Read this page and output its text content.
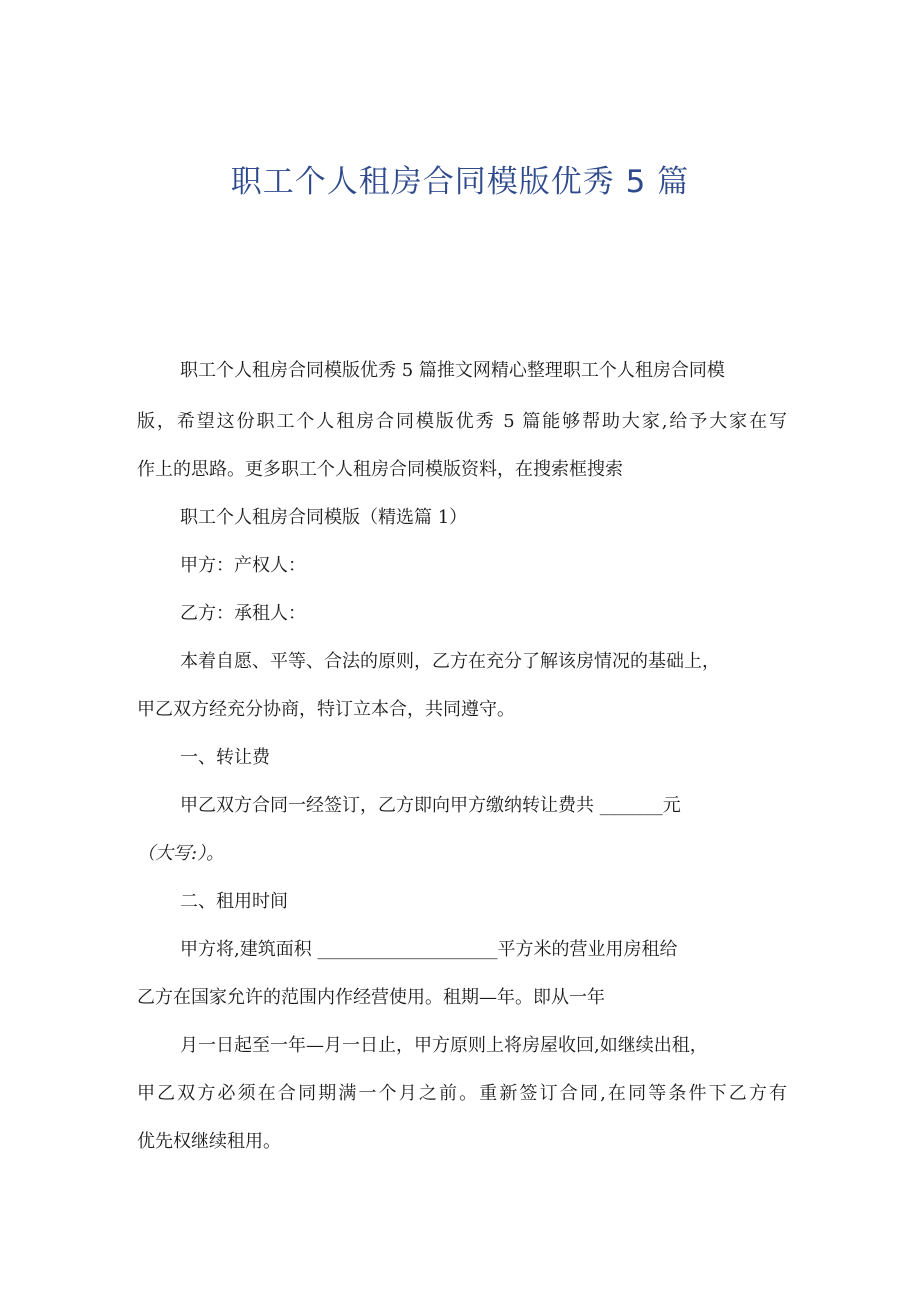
职工个人租房合同模版优秀 5 篇
职工个人租房合同模版优秀 5 篇推文网精心整理职工个人租房合同模
版，希望这份职工个人租房合同模版优秀 5 篇能够帮助大家,给予大家在写
作上的思路。更多职工个人租房合同模版资料，在搜索框搜索
职工个人租房合同模版（精选篇 1）
甲方：产权人：
乙方：承租人：
本着自愿、平等、合法的原则，乙方在充分了解该房情况的基础上，
甲乙双方经充分协商，特订立本合，共同遵守。
一、转让费
甲乙双方合同一经签订，乙方即向甲方缴纳转让费共 _______元
（大写:）。
二、租用时间
甲方将,建筑面积 ____________________平方米的营业用房租给
乙方在国家允许的范围内作经营使用。租期—年。即从一年
月一日起至一年—月一日止，甲方原则上将房屋收回,如继续出租，
甲乙双方必须在合同期满一个月之前。重新签订合同,在同等条件下乙方有
优先权继续租用。
